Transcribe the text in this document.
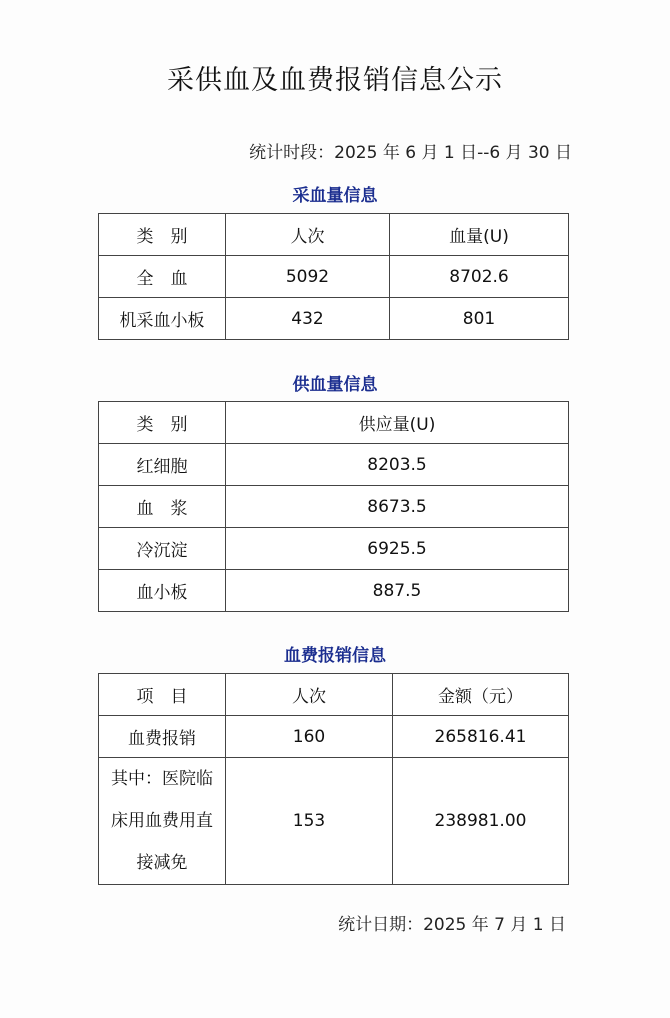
采供血及血费报销信息公示
统计时段：2025 年 6 月 1 日--6 月 30 日
采血量信息
类　别	人次	血量(U)
全　血	5092	8702.6
机采血小板	432	801
供血量信息
类　别	供应量(U)
红细胞	8203.5
血　浆	8673.5
冷沉淀	6925.5
血小板	887.5
血费报销信息
项　目	人次	金额（元）
血费报销	160	265816.41
其中：医院临床用血费用直接减免	153	238981.00
统计日期：2025 年 7 月 1 日
